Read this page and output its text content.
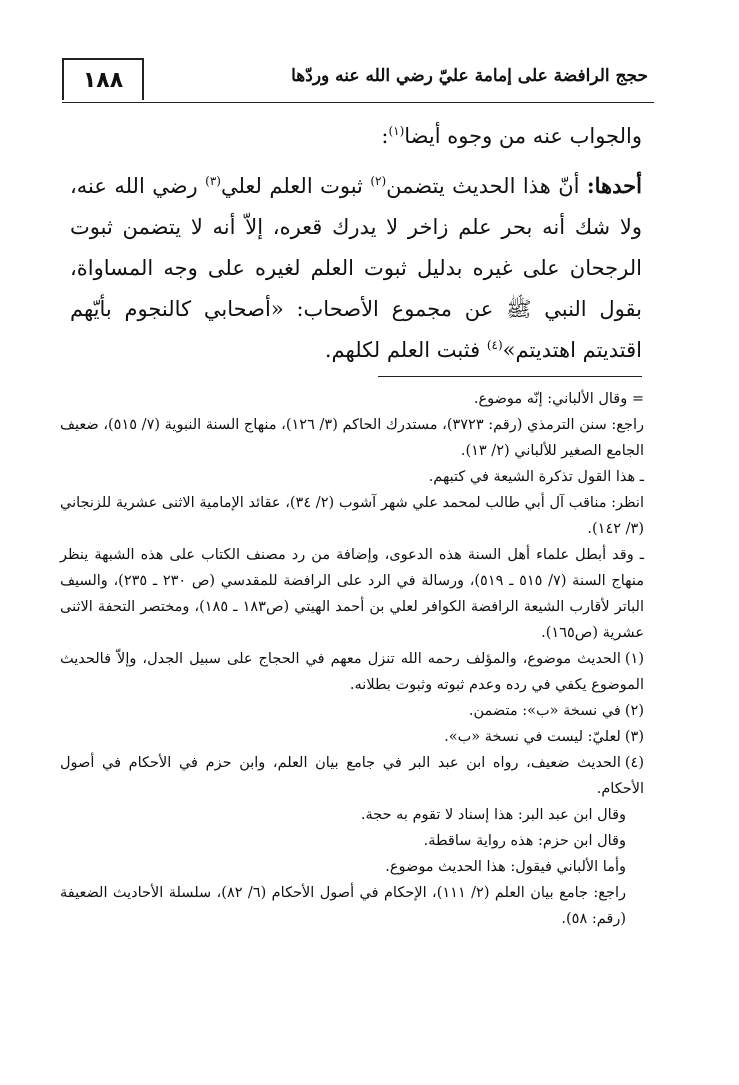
١٨٨	حجج الرافضة على إمامة عليّ رضي الله عنه وردّها

والجواب عنه من وجوه أيضا$^{(١)}$:

أحدها: أنّ هذا الحديث يتضمن$^{(٢)}$ ثبوت العلم لعلي$^{(٣)}$ رضي الله عنه، ولا شك أنه بحر علم زاخر لا يدرك قعره، إلاّ أنه لا يتضمن ثبوت الرجحان على غيره بدليل ثبوت العلم لغيره على وجه المساواة، بقول النبي ﷺ عن مجموع الأصحاب: «أصحابي كالنجوم بأيّهم اقتديتم اهتديتم»$^{(٤)}$ فثبت العلم لكلهم.

= وقال الألباني: إنّه موضوع.

راجع: سنن الترمذي (رقم: ٣٧٢٣)، مستدرك الحاكم (٣/ ١٢٦)، منهاج السنة النبوية (٧/ ٥١٥)، ضعيف الجامع الصغير للألباني (٢/ ١٣).

ـ هذا القول تذكرة الشيعة في كتبهم.

انظر: مناقب آل أبي طالب لمحمد علي شهر آشوب (٢/ ٣٤)، عقائد الإمامية الاثنى عشرية للزنجاني (٣/ ١٤٢).

ـ وقد أبطل علماء أهل السنة هذه الدعوى، وإضافة من رد مصنف الكتاب على هذه الشبهة ينظر منهاج السنة (٧/ ٥١٥ ـ ٥١٩)، ورسالة في الرد على الرافضة للمقدسي (ص ٢٣٠ ـ ٢٣٥)، والسيف الباتر لأقارب الشيعة الرافضة الكوافر لعلي بن أحمد الهيتي (ص١٨٣ ـ ١٨٥)، ومختصر التحفة الاثنى عشرية (ص١٦٥).

(١)الحديث موضوع، والمؤلف رحمه الله تنزل معهم في الحجاج على سبيل الجدل، وإلاّ فالحديث الموضوع يكفي في رده وعدم ثبوته وثبوت بطلانه.

(٢)في نسخة «ب»: متضمن.

(٣)لعليّ: ليست في نسخة «ب».

(٤)الحديث ضعيف، رواه ابن عبد البر في جامع بيان العلم، وابن حزم في الأحكام في أصول الأحكام.

وقال ابن عبد البر: هذا إسناد لا تقوم به حجة.

وقال ابن حزم: هذه رواية ساقطة.

وأما الألباني فيقول: هذا الحديث موضوع.

راجع: جامع بيان العلم (٢/ ١١١)، الإحكام في أصول الأحكام (٦/ ٨٢)، سلسلة الأحاديث الضعيفة (رقم: ٥٨).
